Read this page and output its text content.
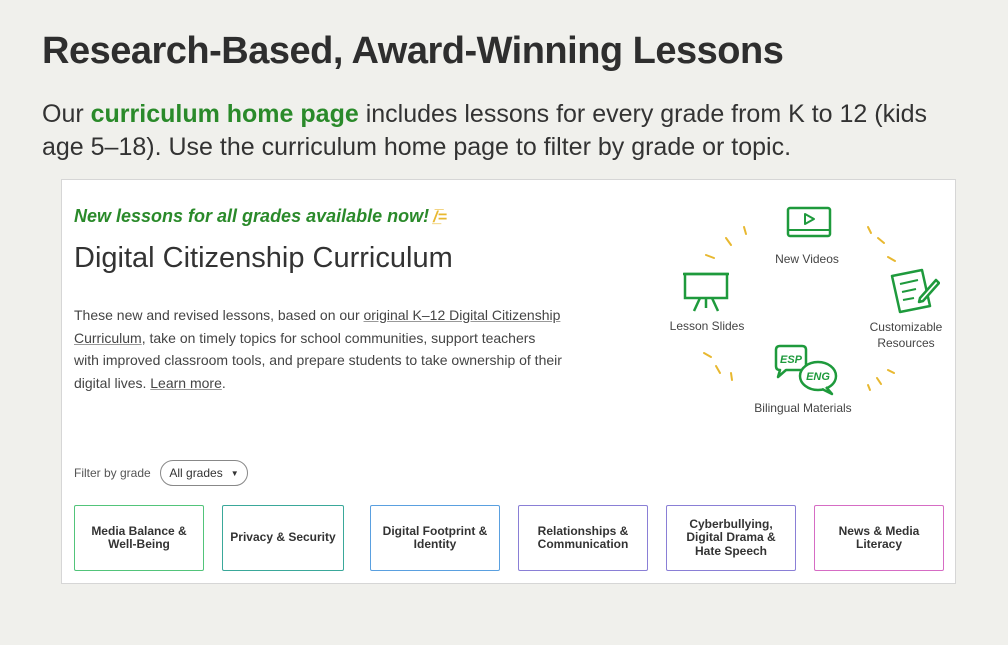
Research-Based, Award-Winning Lessons

Our curriculum home page includes lessons for every grade from K to 12 (kids age 5–18). Use the curriculum home page to filter by grade or topic.

New lessons for all grades available now! /̲̅=
Digital Citizenship Curriculum

These new and revised lessons, based on our original K–12 Digital Citizenship Curriculum, take on timely topics for school communities, support teachers with improved classroom tools, and prepare students to take ownership of their digital lives. Learn more.

New Videos
Lesson Slides	Customizable
Resources
ESP
ENG
Bilingual Materials
Filter by grade All grades ▼
Media Balance & Well-Being	Privacy & Security	Digital Footprint & Identity
Relationships & Communication
Cyberbullying, Digital Drama & Hate Speech
News & Media Literacy
